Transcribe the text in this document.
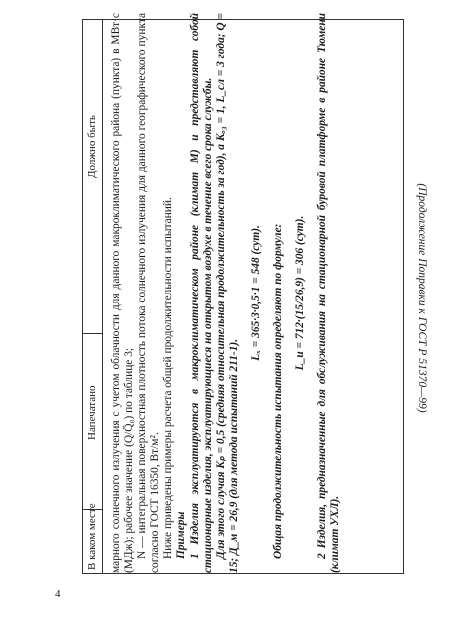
4
(Продолжение Поправки к ГОСТ Р 51370—99)
В каком месте
Напечатано
Должно быть марного солнечного излучения с учетом облачности для данного макроклиматического района (пункта) в МВт·с (МДж); рабочее значение (Q/Q̄₀) по таблице 3; N — интегральная поверхностная плотность потока солнечного излучения для данного географического пункта согласно ГОСТ 16350, Вт/м². Ниже приведены примеры расчета общей продолжительности испытаний. Примеры 1 Изделия эксплуатируются в макроклиматическом районе (климат М) и представляют собой стационарные изделия, эксплуатирующиеся на открытом воздухе в течение всего срока службы. Для этого случая Kₚ = 0,5 (средняя относительная продолжительность за год), а Kₒ₃ = 1, L_cл = 3 года; Q = 15; Д_м = 26,9 (для метода испытаний 211-1).

Lₓ = 365·3·0,5·1 = 548 (сут). Общая продолжительность испытания определяют по формуле: L_и = 712·(15/26,9) = 306 (сут). 2 Изделия, предназначенные для обслуживания на стационарной буровой платформе в районе Тюмени (климат УХЛ).
